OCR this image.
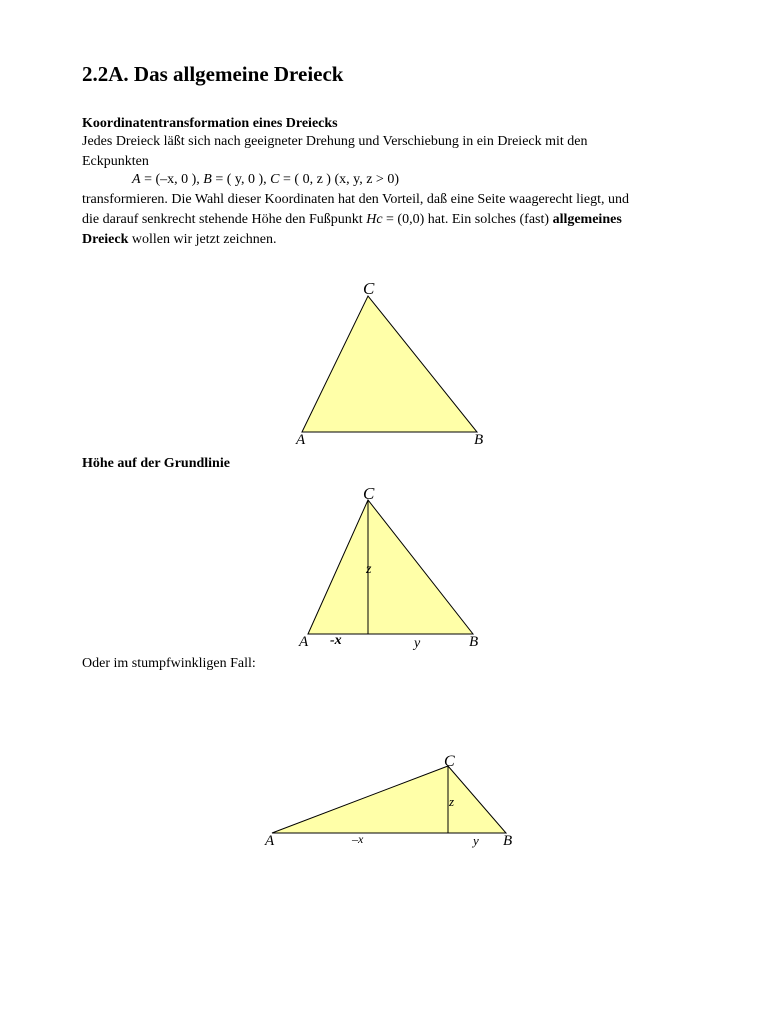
2.2A. Das allgemeine Dreieck
Koordinatentransformation eines Dreiecks
Jedes Dreieck läßt sich nach geeigneter Drehung und Verschiebung in ein Dreieck mit den
Eckpunkten
A = (–x, 0 ), B = ( y, 0 ), C = ( 0, z ) (x, y, z > 0)
transformieren. Die Wahl dieser Koordinaten hat den Vorteil, daß eine Seite waagerecht liegt, und
die darauf senkrecht stehende Höhe den Fußpunkt Hc = (0,0) hat. Ein solches (fast) allgemeines
Dreieck wollen wir jetzt zeichnen.
Höhe auf der Grundlinie
Oder im stumpfwinkligen Fall:
C
A	B
C
z
A -x	y	B
C
z
A	–x	y B
